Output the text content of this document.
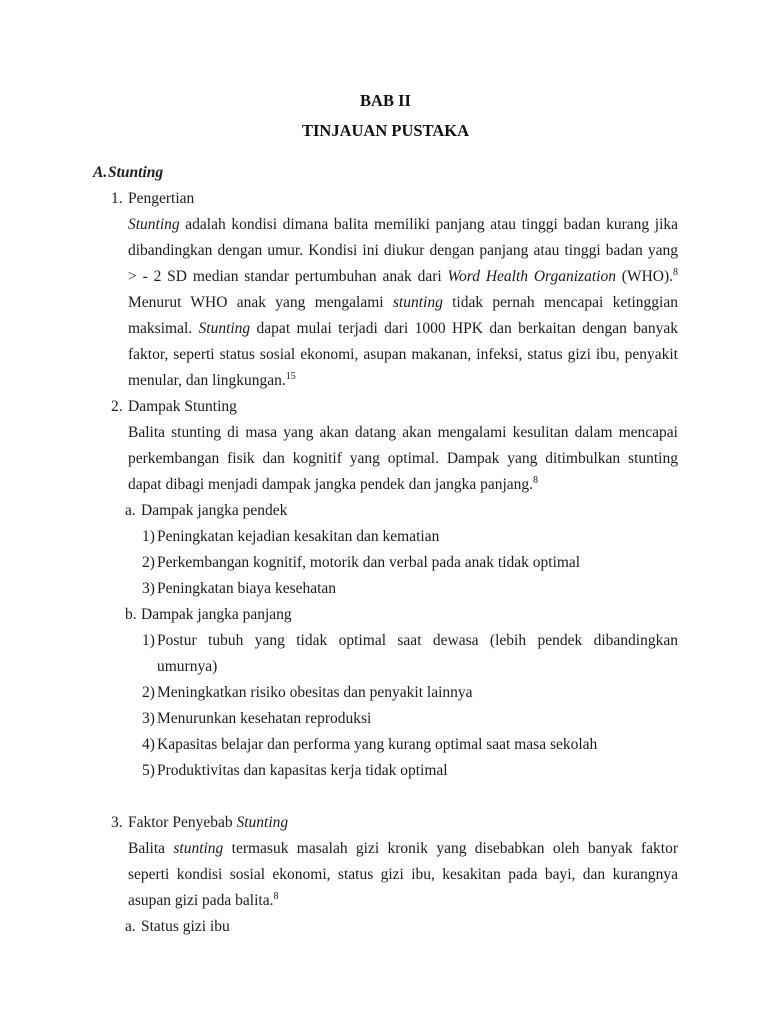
BAB II
TINJAUAN PUSTAKA
A. Stunting
1. Pengertian
Stunting adalah kondisi dimana balita memiliki panjang atau tinggi badan kurang jika
dibandingkan dengan umur. Kondisi ini diukur dengan panjang atau tinggi badan yang
> - 2 SD median standar pertumbuhan anak dari Word Health Organization (WHO).$^8$
Menurut WHO anak yang mengalami stunting tidak pernah mencapai ketinggian
maksimal. Stunting dapat mulai terjadi dari 1000 HPK dan berkaitan dengan banyak
faktor, seperti status sosial ekonomi, asupan makanan, infeksi, status gizi ibu, penyakit
menular, dan lingkungan.$^{15}$
2. Dampak Stunting
Balita stunting di masa yang akan datang akan mengalami kesulitan dalam mencapai
perkembangan fisik dan kognitif yang optimal. Dampak yang ditimbulkan stunting
dapat dibagi menjadi dampak jangka pendek dan jangka panjang.$^8$
a. Dampak jangka pendek
1) Peningkatan kejadian kesakitan dan kematian
2) Perkembangan kognitif, motorik dan verbal pada anak tidak optimal
3) Peningkatan biaya kesehatan
b. Dampak jangka panjang
1) Postur tubuh yang tidak optimal saat dewasa (lebih pendek dibandingkan
umurnya)
2) Meningkatkan risiko obesitas dan penyakit lainnya
3) Menurunkan kesehatan reproduksi
4) Kapasitas belajar dan performa yang kurang optimal saat masa sekolah
5) Produktivitas dan kapasitas kerja tidak optimal
3. Faktor Penyebab Stunting
Balita stunting termasuk masalah gizi kronik yang disebabkan oleh banyak faktor
seperti kondisi sosial ekonomi, status gizi ibu, kesakitan pada bayi, dan kurangnya
asupan gizi pada balita.$^8$
a. Status gizi ibu
